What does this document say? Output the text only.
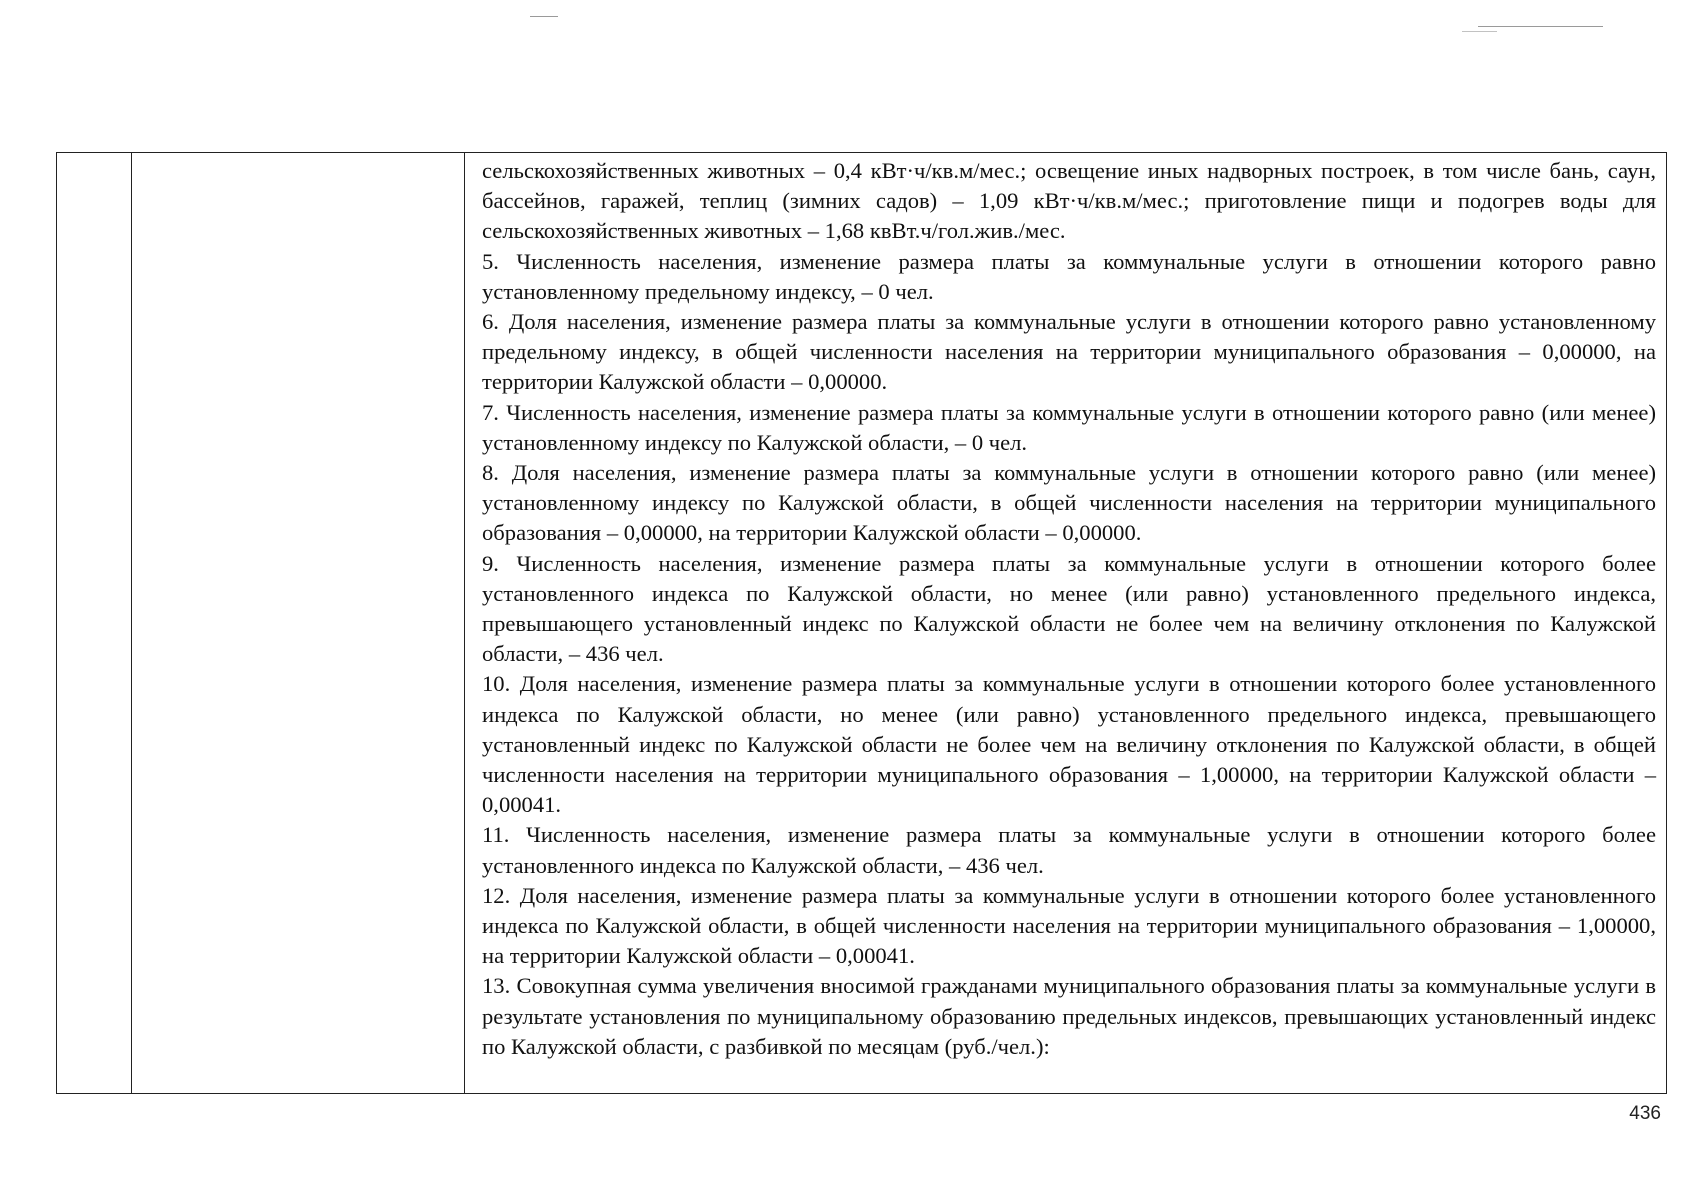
сельскохозяйственных животных – 0,4 кВт·ч/кв.м/мес.; освещение иных надворных построек, в том числе бань, саун, бассейнов, гаражей, теплиц (зимних садов) – 1,09 кВт·ч/кв.м/мес.; приготовление пищи и подогрев воды для сельскохозяйственных животных – 1,68 квВт.ч/гол.жив./мес.

5. Численность населения, изменение размера платы за коммунальные услуги в отношении которого равно установленному предельному индексу, – 0 чел.

6. Доля населения, изменение размера платы за коммунальные услуги в отношении которого равно установленному предельному индексу, в общей численности населения на территории муниципального образования – 0,00000, на территории Калужской области – 0,00000.

7. Численность населения, изменение размера платы за коммунальные услуги в отношении которого равно (или менее) установленному индексу по Калужской области, – 0 чел.

8. Доля населения, изменение размера платы за коммунальные услуги в отношении которого равно (или менее) установленному индексу по Калужской области, в общей численности населения на территории муниципального образования – 0,00000, на территории Калужской области – 0,00000.

9. Численность населения, изменение размера платы за коммунальные услуги в отношении которого более установленного индекса по Калужской области, но менее (или равно) установленного предельного индекса, превышающего установленный индекс по Калужской области не более чем на величину отклонения по Калужской области, – 436 чел.

10. Доля населения, изменение размера платы за коммунальные услуги в отношении которого более установленного индекса по Калужской области, но менее (или равно) установленного предельного индекса, превышающего установленный индекс по Калужской области не более чем на величину отклонения по Калужской области, в общей численности населения на территории муниципального образования – 1,00000, на территории Калужской области – 0,00041.

11. Численность населения, изменение размера платы за коммунальные услуги в отношении которого более установленного индекса по Калужской области, – 436 чел.

12. Доля населения, изменение размера платы за коммунальные услуги в отношении которого более установленного индекса по Калужской области, в общей численности населения на территории муниципального образования – 1,00000, на территории Калужской области – 0,00041.

13. Совокупная сумма увеличения вносимой гражданами муниципального образования платы за коммунальные услуги в результате установления по муниципальному образованию предельных индексов, превышающих установленный индекс по Калужской области, с разбивкой по месяцам (руб./чел.):

436
